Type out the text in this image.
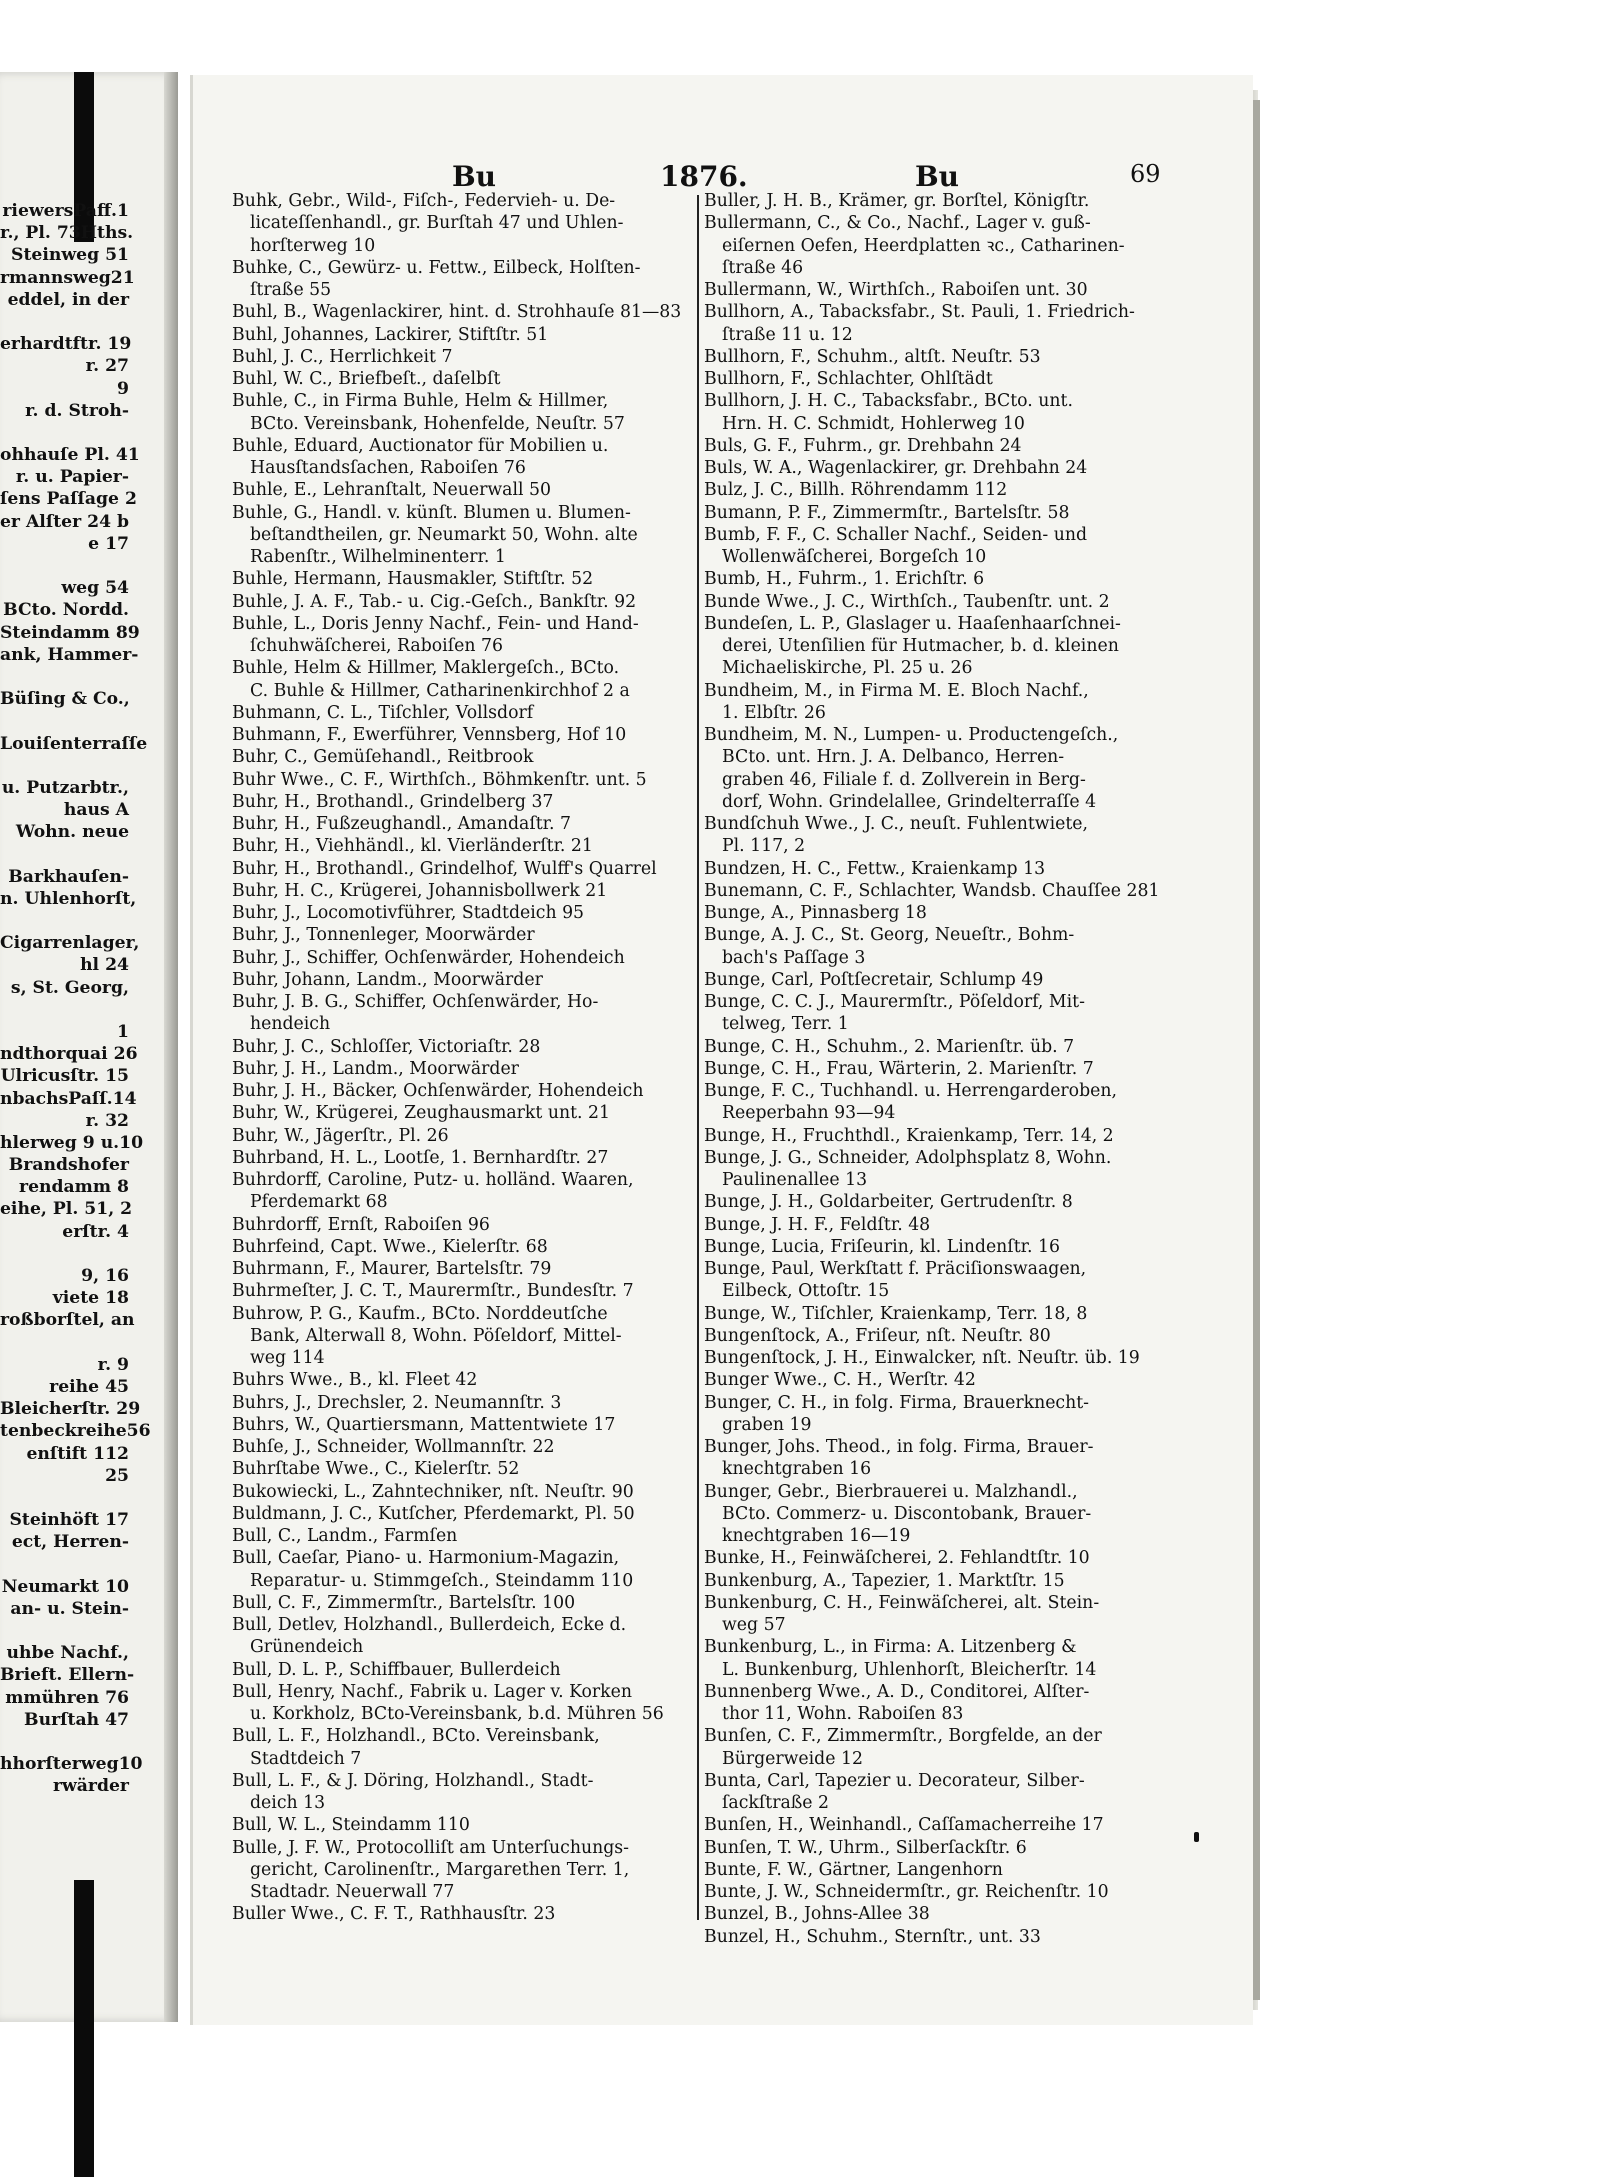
riewersPaff.1
r., Pl. 73Hths.
Steinweg 51
rmannsweg21
eddel, in der
erhardtftr. 19
r. 27
9
r. d. Stroh-
ohhauſe Pl. 41
r. u. Papier-
ſens Paſſage 2
er Alſter 24 b
e 17
weg 54
BCto. Nordd.
Steindamm 89
ank, Hammer-
Büſing & Co.,
Louiſenterraſſe
u. Putzarbtr.,
haus A
Wohn. neue
Barkhauſen-
n. Uhlenhorſt,
Cigarrenlager,
hl 24
s, St. Georg,
1
ndthorquai 26
Ulricusſtr. 15
nbachsPaſſ.14
r. 32
hlerweg 9 u.10
Brandshofer
rendamm 8
eihe, Pl. 51, 2
erſtr. 4
9, 16
viete 18
roßborſtel, an
r. 9
reihe 45
Bleicherſtr. 29
tenbeckreihe56
enſtift 112
25
Steinhöft 17
ect, Herren-
Neumarkt 10
an- u. Stein-
uhbe Nachf.,
Brieft. Ellern-
mmühren 76
Burſtah 47
hhorſterweg10
rwärder
Bu	1876.	Bu	69
Buhk, Gebr., Wild-, Fiſch-, Federvieh- u. De-
licateſſenhandl., gr. Burſtah 47 und Uhlen-
horſterweg 10
Buhke, C., Gewürz- u. Fettw., Eilbeck, Holſten-
ſtraße 55
Buhl, B., Wagenlackirer, hint. d. Strohhauſe 81—83
Buhl, Johannes, Lackirer, Stiftſtr. 51
Buhl, J. C., Herrlichkeit 7
Buhl, W. C., Briefbeſt., daſelbſt
Buhle, C., in Firma Buhle, Helm & Hillmer,
BCto. Vereinsbank, Hohenfelde, Neuſtr. 57
Buhle, Eduard, Auctionator für Mobilien u.
Hausſtandsſachen, Raboiſen 76
Buhle, E., Lehranſtalt, Neuerwall 50
Buhle, G., Handl. v. künſt. Blumen u. Blumen-
beſtandtheilen, gr. Neumarkt 50, Wohn. alte
Rabenſtr., Wilhelminenterr. 1
Buhle, Hermann, Hausmakler, Stiftſtr. 52
Buhle, J. A. F., Tab.- u. Cig.-Geſch., Bankſtr. 92
Buhle, L., Doris Jenny Nachf., Fein- und Hand-
ſchuhwäſcherei, Raboiſen 76
Buhle, Helm & Hillmer, Maklergeſch., BCto.
C. Buhle & Hillmer, Catharinenkirchhof 2 a
Buhmann, C. L., Tiſchler, Vollsdorf
Buhmann, F., Ewerführer, Vennsberg, Hof 10
Buhr, C., Gemüſehandl., Reitbrook
Buhr Wwe., C. F., Wirthſch., Böhmkenſtr. unt. 5
Buhr, H., Brothandl., Grindelberg 37
Buhr, H., Fußzeughandl., Amandaſtr. 7
Buhr, H., Viehhändl., kl. Vierländerſtr. 21
Buhr, H., Brothandl., Grindelhof, Wulff's Quarrel
Buhr, H. C., Krügerei, Johannisbollwerk 21
Buhr, J., Locomotivführer, Stadtdeich 95
Buhr, J., Tonnenleger, Moorwärder
Buhr, J., Schiffer, Ochſenwärder, Hohendeich
Buhr, Johann, Landm., Moorwärder
Buhr, J. B. G., Schiffer, Ochſenwärder, Ho-
hendeich
Buhr, J. C., Schloſſer, Victoriaſtr. 28
Buhr, J. H., Landm., Moorwärder
Buhr, J. H., Bäcker, Ochſenwärder, Hohendeich
Buhr, W., Krügerei, Zeughausmarkt unt. 21
Buhr, W., Jägerſtr., Pl. 26
Buhrband, H. L., Lootſe, 1. Bernhardſtr. 27
Buhrdorff, Caroline, Putz- u. holländ. Waaren,
Pferdemarkt 68
Buhrdorff, Ernſt, Raboiſen 96
Buhrfeind, Capt. Wwe., Kielerſtr. 68
Buhrmann, F., Maurer, Bartelsſtr. 79
Buhrmeſter, J. C. T., Maurermſtr., Bundesſtr. 7
Buhrow, P. G., Kaufm., BCto. Norddeutſche
Bank, Alterwall 8, Wohn. Pöſeldorf, Mittel-
weg 114
Buhrs Wwe., B., kl. Fleet 42
Buhrs, J., Drechsler, 2. Neumannſtr. 3
Buhrs, W., Quartiersmann, Mattentwiete 17
Buhſe, J., Schneider, Wollmannſtr. 22
Buhrſtabe Wwe., C., Kielerſtr. 52
Bukowiecki, L., Zahntechniker, nſt. Neuſtr. 90
Buldmann, J. C., Kutſcher, Pferdemarkt, Pl. 50
Bull, C., Landm., Farmſen
Bull, Caeſar, Piano- u. Harmonium-Magazin,
Reparatur- u. Stimmgeſch., Steindamm 110
Bull, C. F., Zimmermſtr., Bartelsſtr. 100
Bull, Detlev, Holzhandl., Bullerdeich, Ecke d.
Grünendeich
Bull, D. L. P., Schiffbauer, Bullerdeich
Bull, Henry, Nachf., Fabrik u. Lager v. Korken
u. Korkholz, BCto-Vereinsbank, b.d. Mühren 56
Bull, L. F., Holzhandl., BCto. Vereinsbank,
Stadtdeich 7
Bull, L. F., & J. Döring, Holzhandl., Stadt-
deich 13
Bull, W. L., Steindamm 110
Bulle, J. F. W., Protocolliſt am Unterſuchungs-
gericht, Carolinenſtr., Margarethen Terr. 1,
Stadtadr. Neuerwall 77
Buller Wwe., C. F. T., Rathhausſtr. 23
Buller, J. H. B., Krämer, gr. Borſtel, Königſtr.
Bullermann, C., & Co., Nachf., Lager v. guß-
eiſernen Oefen, Heerdplatten ꝛc., Catharinen-
ſtraße 46
Bullermann, W., Wirthſch., Raboiſen unt. 30
Bullhorn, A., Tabacksfabr., St. Pauli, 1. Friedrich-
ſtraße 11 u. 12
Bullhorn, F., Schuhm., altſt. Neuſtr. 53
Bullhorn, F., Schlachter, Ohlſtädt
Bullhorn, J. H. C., Tabacksfabr., BCto. unt.
Hrn. H. C. Schmidt, Hohlerweg 10
Buls, G. F., Fuhrm., gr. Drehbahn 24
Buls, W. A., Wagenlackirer, gr. Drehbahn 24
Bulz, J. C., Billh. Röhrendamm 112
Bumann, P. F., Zimmermſtr., Bartelsſtr. 58
Bumb, F. F., C. Schaller Nachf., Seiden- und
Wollenwäſcherei, Borgeſch 10
Bumb, H., Fuhrm., 1. Erichſtr. 6
Bunde Wwe., J. C., Wirthſch., Taubenſtr. unt. 2
Bundeſen, L. P., Glaslager u. Haaſenhaarſchnei-
derei, Utenſilien für Hutmacher, b. d. kleinen
Michaeliskirche, Pl. 25 u. 26
Bundheim, M., in Firma M. E. Bloch Nachf.,
1. Elbſtr. 26
Bundheim, M. N., Lumpen- u. Productengeſch.,
BCto. unt. Hrn. J. A. Delbanco, Herren-
graben 46, Filiale f. d. Zollverein in Berg-
dorf, Wohn. Grindelallee, Grindelterraſſe 4
Bundſchuh Wwe., J. C., neuſt. Fuhlentwiete,
Pl. 117, 2
Bundzen, H. C., Fettw., Kraienkamp 13
Bunemann, C. F., Schlachter, Wandsb. Chauſſee 281
Bunge, A., Pinnasberg 18
Bunge, A. J. C., St. Georg, Neueſtr., Bohm-
bach's Paſſage 3
Bunge, Carl, Poſtſecretair, Schlump 49
Bunge, C. C. J., Maurermſtr., Pöſeldorf, Mit-
telweg, Terr. 1
Bunge, C. H., Schuhm., 2. Marienſtr. üb. 7
Bunge, C. H., Frau, Wärterin, 2. Marienſtr. 7
Bunge, F. C., Tuchhandl. u. Herrengarderoben,
Reeperbahn 93—94
Bunge, H., Fruchthdl., Kraienkamp, Terr. 14, 2
Bunge, J. G., Schneider, Adolphsplatz 8, Wohn.
Paulinenallee 13
Bunge, J. H., Goldarbeiter, Gertrudenſtr. 8
Bunge, J. H. F., Feldſtr. 48
Bunge, Lucia, Friſeurin, kl. Lindenſtr. 16
Bunge, Paul, Werkſtatt f. Präciſionswaagen,
Eilbeck, Ottoſtr. 15
Bunge, W., Tiſchler, Kraienkamp, Terr. 18, 8
Bungenſtock, A., Friſeur, nſt. Neuſtr. 80
Bungenſtock, J. H., Einwalcker, nſt. Neuſtr. üb. 19
Bunger Wwe., C. H., Werſtr. 42
Bunger, C. H., in folg. Firma, Brauerknecht-
graben 19
Bunger, Johs. Theod., in folg. Firma, Brauer-
knechtgraben 16
Bunger, Gebr., Bierbrauerei u. Malzhandl.,
BCto. Commerz- u. Discontobank, Brauer-
knechtgraben 16—19
Bunke, H., Feinwäſcherei, 2. Fehlandtſtr. 10
Bunkenburg, A., Tapezier, 1. Marktſtr. 15
Bunkenburg, C. H., Feinwäſcherei, alt. Stein-
weg 57
Bunkenburg, L., in Firma: A. Litzenberg &
L. Bunkenburg, Uhlenhorſt, Bleicherſtr. 14
Bunnenberg Wwe., A. D., Conditorei, Alſter-
thor 11, Wohn. Raboiſen 83
Bunſen, C. F., Zimmermſtr., Borgfelde, an der
Bürgerweide 12
Bunta, Carl, Tapezier u. Decorateur, Silber-
ſackſtraße 2
Bunſen, H., Weinhandl., Caſſamacherreihe 17
Bunſen, T. W., Uhrm., Silberſackſtr. 6
Bunte, F. W., Gärtner, Langenhorn
Bunte, J. W., Schneidermſtr., gr. Reichenſtr. 10
Bunzel, B., Johns-Allee 38
Bunzel, H., Schuhm., Sternſtr., unt. 33
